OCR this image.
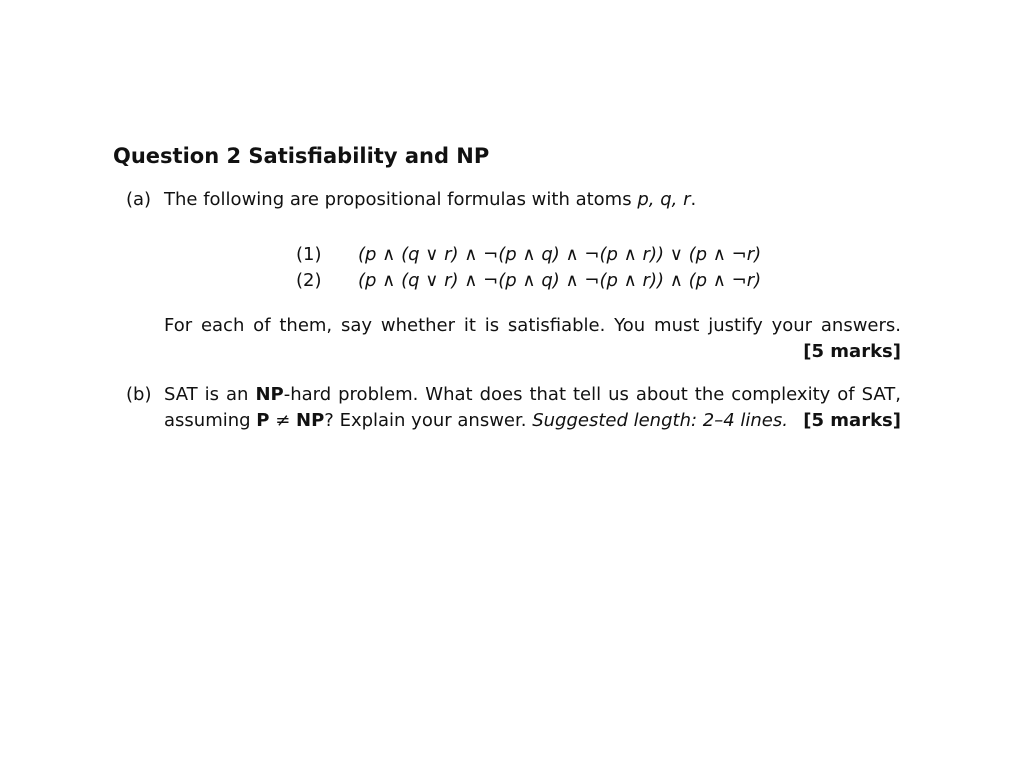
Question 2 Satisfiability and NP
(a) The following are propositional formulas with atoms p, q, r.
(1) (p ∧ (q ∨ r) ∧ ¬(p ∧ q) ∧ ¬(p ∧ r)) ∨ (p ∧ ¬r)
(2) (p ∧ (q ∨ r) ∧ ¬(p ∧ q) ∧ ¬(p ∧ r)) ∧ (p ∧ ¬r)
For each of them, say whether it is satisfiable. You must justify your answers.
[5 marks]
(b) SAT is an NP-hard problem. What does that tell us about the complexity of SAT,
assuming P ≠ NP? Explain your answer. Suggested length: 2–4 lines. [5 marks]
